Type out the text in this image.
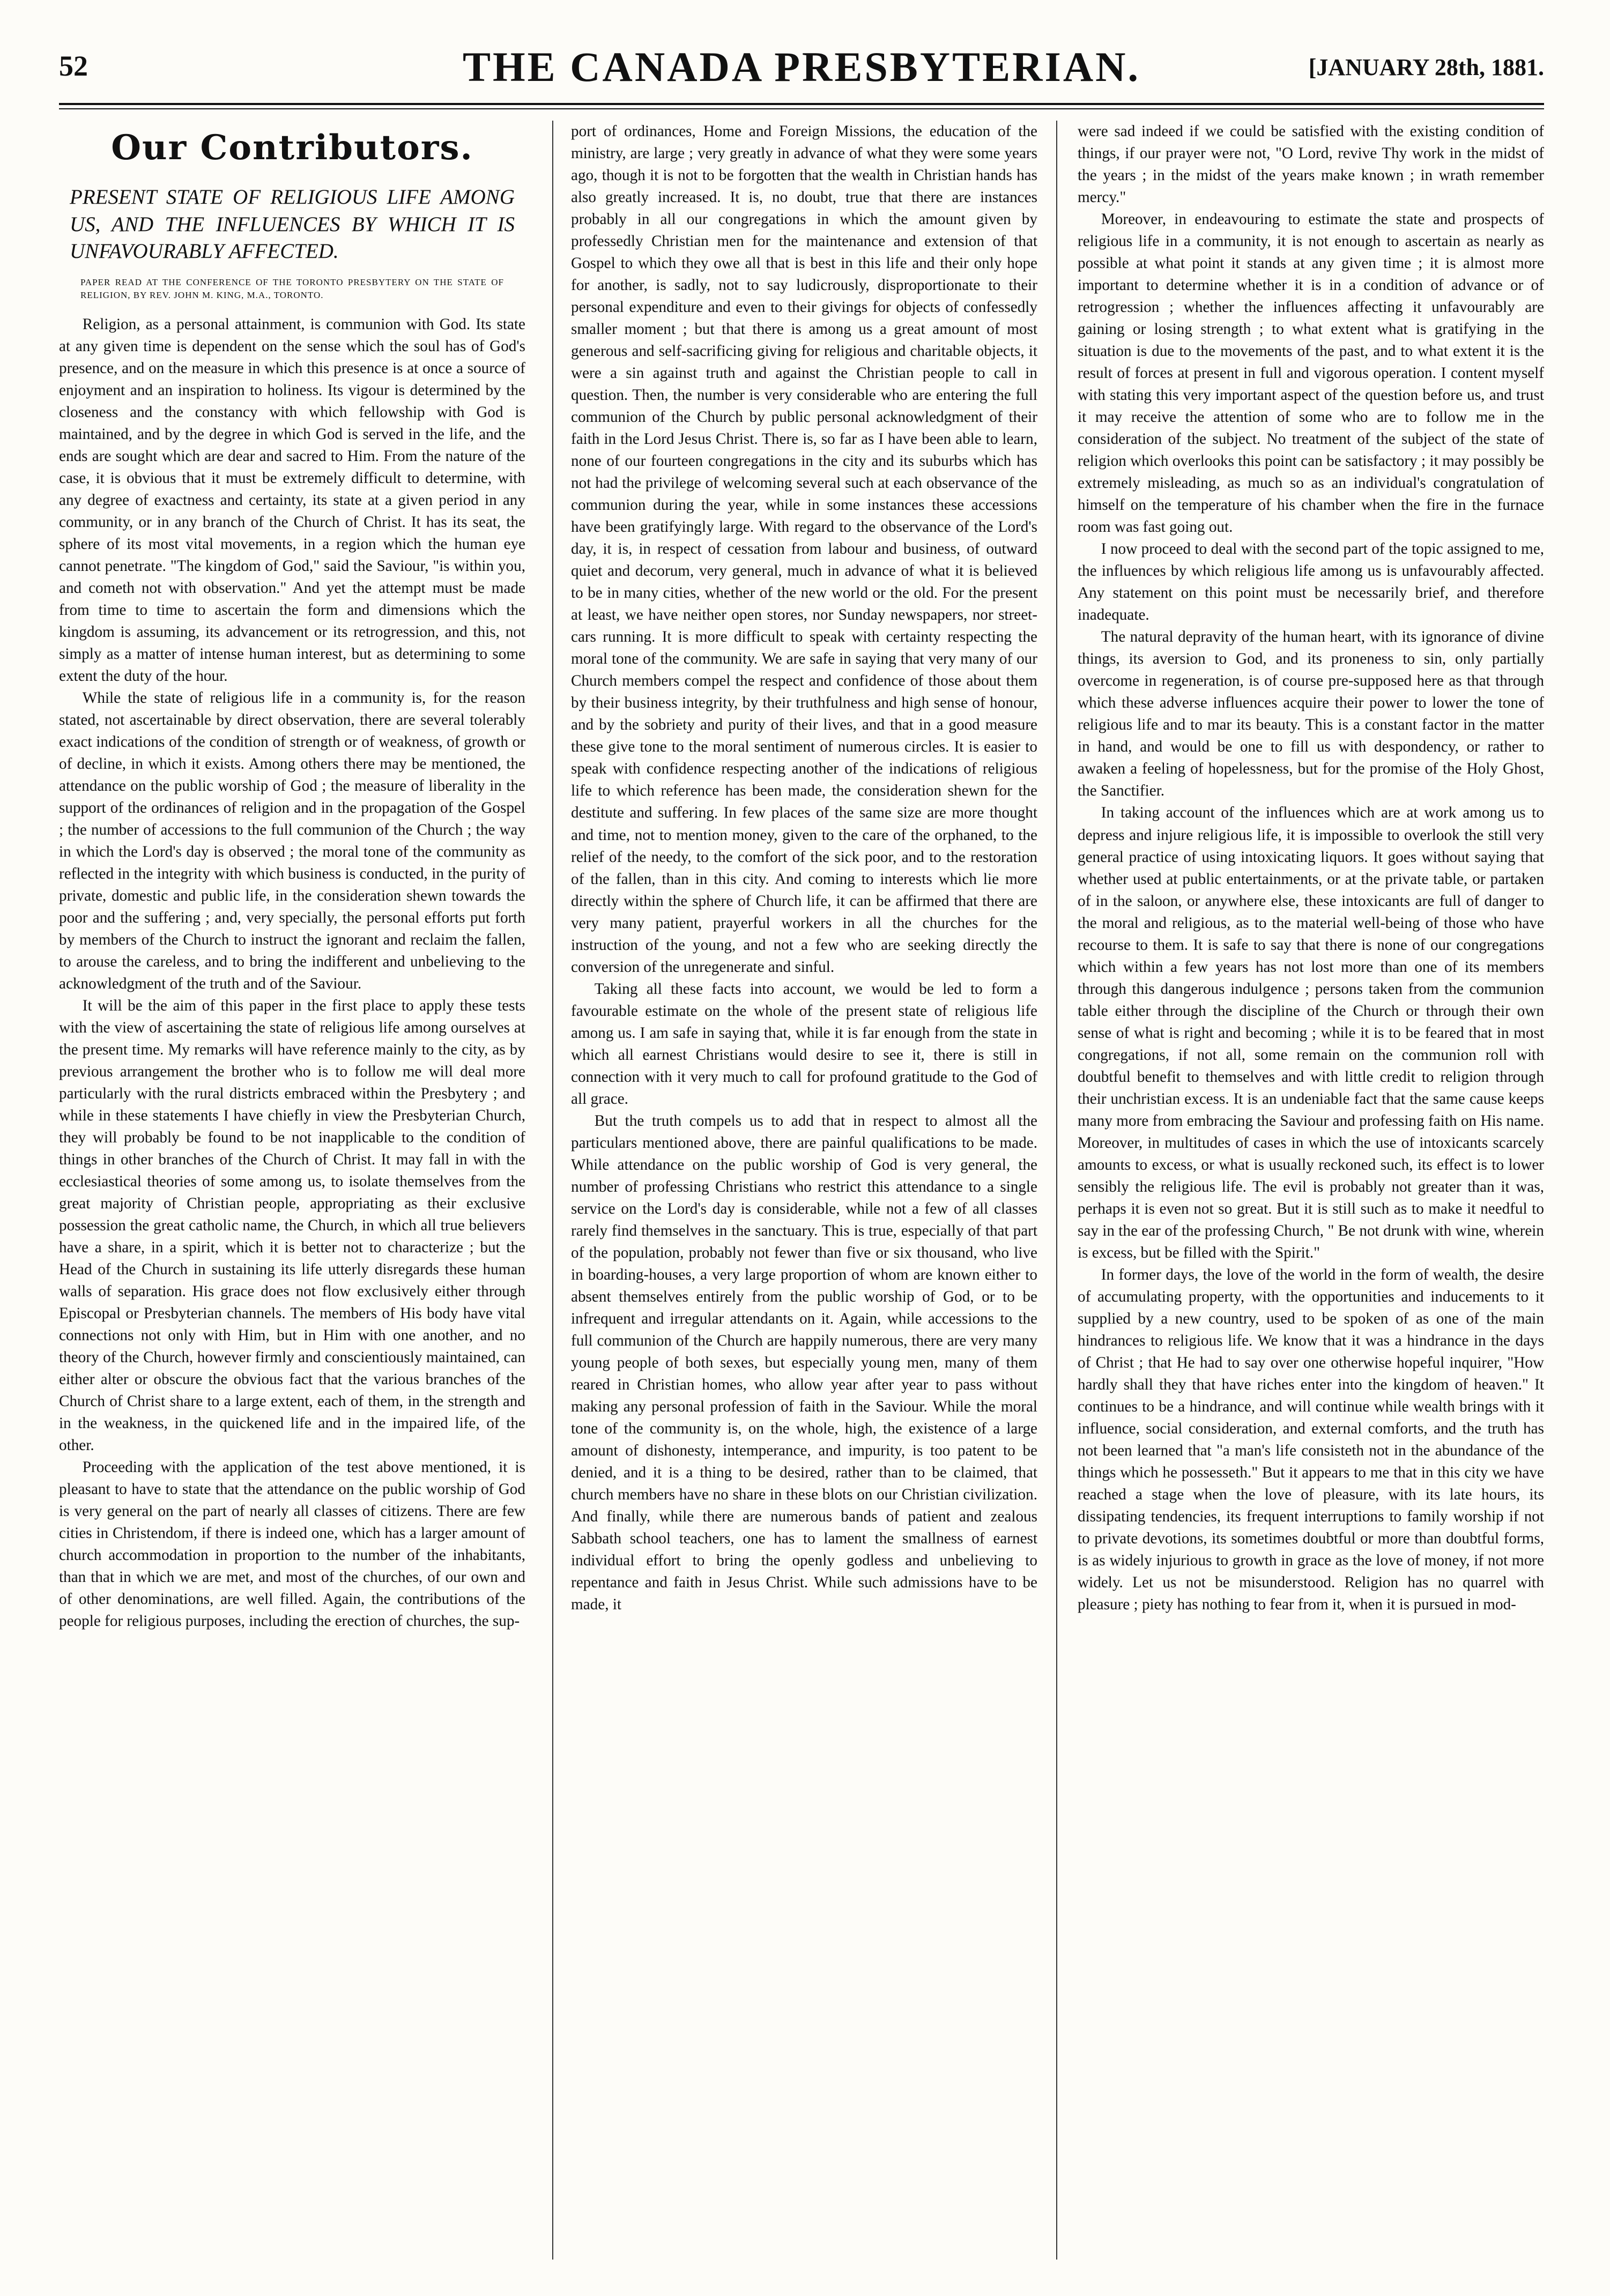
52	THE CANADA PRESBYTERIAN.	[JANUARY 28th, 1881.
Our Contributors.
PRESENT STATE OF RELIGIOUS LIFE AMONG US, AND THE INFLUENCES BY WHICH IT IS UNFAVOURABLY AFFECTED.
PAPER READ AT THE CONFERENCE OF THE TORONTO PRESBYTERY ON THE STATE OF RELIGION, BY REV. JOHN M. KING, M.A., TORONTO.

Religion, as a personal attainment, is communion with God. Its state at any given time is dependent on the sense which the soul has of God's presence, and on the measure in which this presence is at once a source of enjoyment and an inspiration to holiness. Its vigour is determined by the closeness and the constancy with which fellowship with God is maintained, and by the degree in which God is served in the life, and the ends are sought which are dear and sacred to Him. From the nature of the case, it is obvious that it must be extremely difficult to determine, with any degree of exactness and certainty, its state at a given period in any community, or in any branch of the Church of Christ. It has its seat, the sphere of its most vital movements, in a region which the human eye cannot penetrate. "The kingdom of God," said the Saviour, "is within you, and cometh not with observation." And yet the attempt must be made from time to time to ascertain the form and dimensions which the kingdom is assuming, its advancement or its retrogression, and this, not simply as a matter of intense human interest, but as determining to some extent the duty of the hour.

While the state of religious life in a community is, for the reason stated, not ascertainable by direct observation, there are several tolerably exact indications of the condition of strength or of weakness, of growth or of decline, in which it exists. Among others there may be mentioned, the attendance on the public worship of God ; the measure of liberality in the support of the ordinances of religion and in the propagation of the Gospel ; the number of accessions to the full communion of the Church ; the way in which the Lord's day is observed ; the moral tone of the community as reflected in the integrity with which business is conducted, in the purity of private, domestic and public life, in the consideration shewn towards the poor and the suffering ; and, very specially, the personal efforts put forth by members of the Church to instruct the ignorant and reclaim the fallen, to arouse the careless, and to bring the indifferent and unbelieving to the acknowledgment of the truth and of the Saviour.

It will be the aim of this paper in the first place to apply these tests with the view of ascertaining the state of religious life among ourselves at the present time. My remarks will have reference mainly to the city, as by previous arrangement the brother who is to follow me will deal more particularly with the rural districts embraced within the Presbytery ; and while in these statements I have chiefly in view the Presbyterian Church, they will probably be found to be not inapplicable to the condition of things in other branches of the Church of Christ. It may fall in with the ecclesiastical theories of some among us, to isolate themselves from the great majority of Christian people, appropriating as their exclusive possession the great catholic name, the Church, in which all true believers have a share, in a spirit, which it is better not to characterize ; but the Head of the Church in sustaining its life utterly disregards these human walls of separation. His grace does not flow exclusively either through Episcopal or Presbyterian channels. The members of His body have vital connections not only with Him, but in Him with one another, and no theory of the Church, however firmly and conscientiously maintained, can either alter or obscure the obvious fact that the various branches of the Church of Christ share to a large extent, each of them, in the strength and in the weakness, in the quickened life and in the impaired life, of the other.

Proceeding with the application of the test above mentioned, it is pleasant to have to state that the attendance on the public worship of God is very general on the part of nearly all classes of citizens. There are few cities in Christendom, if there is indeed one, which has a larger amount of church accommodation in proportion to the number of the inhabitants, than that in which we are met, and most of the churches, of our own and of other denominations, are well filled. Again, the contributions of the people for religious purposes, including the erection of churches, the sup-

port of ordinances, Home and Foreign Missions, the education of the ministry, are large ; very greatly in advance of what they were some years ago, though it is not to be forgotten that the wealth in Christian hands has also greatly increased. It is, no doubt, true that there are instances probably in all our congregations in which the amount given by professedly Christian men for the maintenance and extension of that Gospel to which they owe all that is best in this life and their only hope for another, is sadly, not to say ludicrously, disproportionate to their personal expenditure and even to their givings for objects of confessedly smaller moment ; but that there is among us a great amount of most generous and self-sacrificing giving for religious and charitable objects, it were a sin against truth and against the Christian people to call in question. Then, the number is very considerable who are entering the full communion of the Church by public personal acknowledgment of their faith in the Lord Jesus Christ. There is, so far as I have been able to learn, none of our fourteen congregations in the city and its suburbs which has not had the privilege of welcoming several such at each observance of the communion during the year, while in some instances these accessions have been gratifyingly large. With regard to the observance of the Lord's day, it is, in respect of cessation from labour and business, of outward quiet and decorum, very general, much in advance of what it is believed to be in many cities, whether of the new world or the old. For the present at least, we have neither open stores, nor Sunday newspapers, nor street-cars running. It is more difficult to speak with certainty respecting the moral tone of the community. We are safe in saying that very many of our Church members compel the respect and confidence of those about them by their business integrity, by their truthfulness and high sense of honour, and by the sobriety and purity of their lives, and that in a good measure these give tone to the moral sentiment of numerous circles. It is easier to speak with confidence respecting another of the indications of religious life to which reference has been made, the consideration shewn for the destitute and suffering. In few places of the same size are more thought and time, not to mention money, given to the care of the orphaned, to the relief of the needy, to the comfort of the sick poor, and to the restoration of the fallen, than in this city. And coming to interests which lie more directly within the sphere of Church life, it can be affirmed that there are very many patient, prayerful workers in all the churches for the instruction of the young, and not a few who are seeking directly the conversion of the unregenerate and sinful.

Taking all these facts into account, we would be led to form a favourable estimate on the whole of the present state of religious life among us. I am safe in saying that, while it is far enough from the state in which all earnest Christians would desire to see it, there is still in connection with it very much to call for profound gratitude to the God of all grace.

But the truth compels us to add that in respect to almost all the particulars mentioned above, there are painful qualifications to be made. While attendance on the public worship of God is very general, the number of professing Christians who restrict this attendance to a single service on the Lord's day is considerable, while not a few of all classes rarely find themselves in the sanctuary. This is true, especially of that part of the population, probably not fewer than five or six thousand, who live in boarding-houses, a very large proportion of whom are known either to absent themselves entirely from the public worship of God, or to be infrequent and irregular attendants on it. Again, while accessions to the full communion of the Church are happily numerous, there are very many young people of both sexes, but especially young men, many of them reared in Christian homes, who allow year after year to pass without making any personal profession of faith in the Saviour. While the moral tone of the community is, on the whole, high, the existence of a large amount of dishonesty, intemperance, and impurity, is too patent to be denied, and it is a thing to be desired, rather than to be claimed, that church members have no share in these blots on our Christian civilization. And finally, while there are numerous bands of patient and zealous Sabbath school teachers, one has to lament the smallness of earnest individual effort to bring the openly godless and unbelieving to repentance and faith in Jesus Christ. While such admissions have to be made, it

were sad indeed if we could be satisfied with the existing condition of things, if our prayer were not, "O Lord, revive Thy work in the midst of the years ; in the midst of the years make known ; in wrath remember mercy."

Moreover, in endeavouring to estimate the state and prospects of religious life in a community, it is not enough to ascertain as nearly as possible at what point it stands at any given time ; it is almost more important to determine whether it is in a condition of advance or of retrogression ; whether the influences affecting it unfavourably are gaining or losing strength ; to what extent what is gratifying in the situation is due to the movements of the past, and to what extent it is the result of forces at present in full and vigorous operation. I content myself with stating this very important aspect of the question before us, and trust it may receive the attention of some who are to follow me in the consideration of the subject. No treatment of the subject of the state of religion which overlooks this point can be satisfactory ; it may possibly be extremely misleading, as much so as an individual's congratulation of himself on the temperature of his chamber when the fire in the furnace room was fast going out.

I now proceed to deal with the second part of the topic assigned to me, the influences by which religious life among us is unfavourably affected. Any statement on this point must be necessarily brief, and therefore inadequate.

The natural depravity of the human heart, with its ignorance of divine things, its aversion to God, and its proneness to sin, only partially overcome in regeneration, is of course pre-supposed here as that through which these adverse influences acquire their power to lower the tone of religious life and to mar its beauty. This is a constant factor in the matter in hand, and would be one to fill us with despondency, or rather to awaken a feeling of hopelessness, but for the promise of the Holy Ghost, the Sanctifier.

In taking account of the influences which are at work among us to depress and injure religious life, it is impossible to overlook the still very general practice of using intoxicating liquors. It goes without saying that whether used at public entertainments, or at the private table, or partaken of in the saloon, or anywhere else, these intoxicants are full of danger to the moral and religious, as to the material well-being of those who have recourse to them. It is safe to say that there is none of our congregations which within a few years has not lost more than one of its members through this dangerous indulgence ; persons taken from the communion table either through the discipline of the Church or through their own sense of what is right and becoming ; while it is to be feared that in most congregations, if not all, some remain on the communion roll with doubtful benefit to themselves and with little credit to religion through their unchristian excess. It is an undeniable fact that the same cause keeps many more from embracing the Saviour and professing faith on His name. Moreover, in multitudes of cases in which the use of intoxicants scarcely amounts to excess, or what is usually reckoned such, its effect is to lower sensibly the religious life. The evil is probably not greater than it was, perhaps it is even not so great. But it is still such as to make it needful to say in the ear of the professing Church, " Be not drunk with wine, wherein is excess, but be filled with the Spirit."

In former days, the love of the world in the form of wealth, the desire of accumulating property, with the opportunities and inducements to it supplied by a new country, used to be spoken of as one of the main hindrances to religious life. We know that it was a hindrance in the days of Christ ; that He had to say over one otherwise hopeful inquirer, "How hardly shall they that have riches enter into the kingdom of heaven." It continues to be a hindrance, and will continue while wealth brings with it influence, social consideration, and external comforts, and the truth has not been learned that "a man's life consisteth not in the abundance of the things which he possesseth." But it appears to me that in this city we have reached a stage when the love of pleasure, with its late hours, its dissipating tendencies, its frequent interruptions to family worship if not to private devotions, its sometimes doubtful or more than doubtful forms, is as widely injurious to growth in grace as the love of money, if not more widely. Let us not be misunderstood. Religion has no quarrel with pleasure ; piety has nothing to fear from it, when it is pursued in mod-
